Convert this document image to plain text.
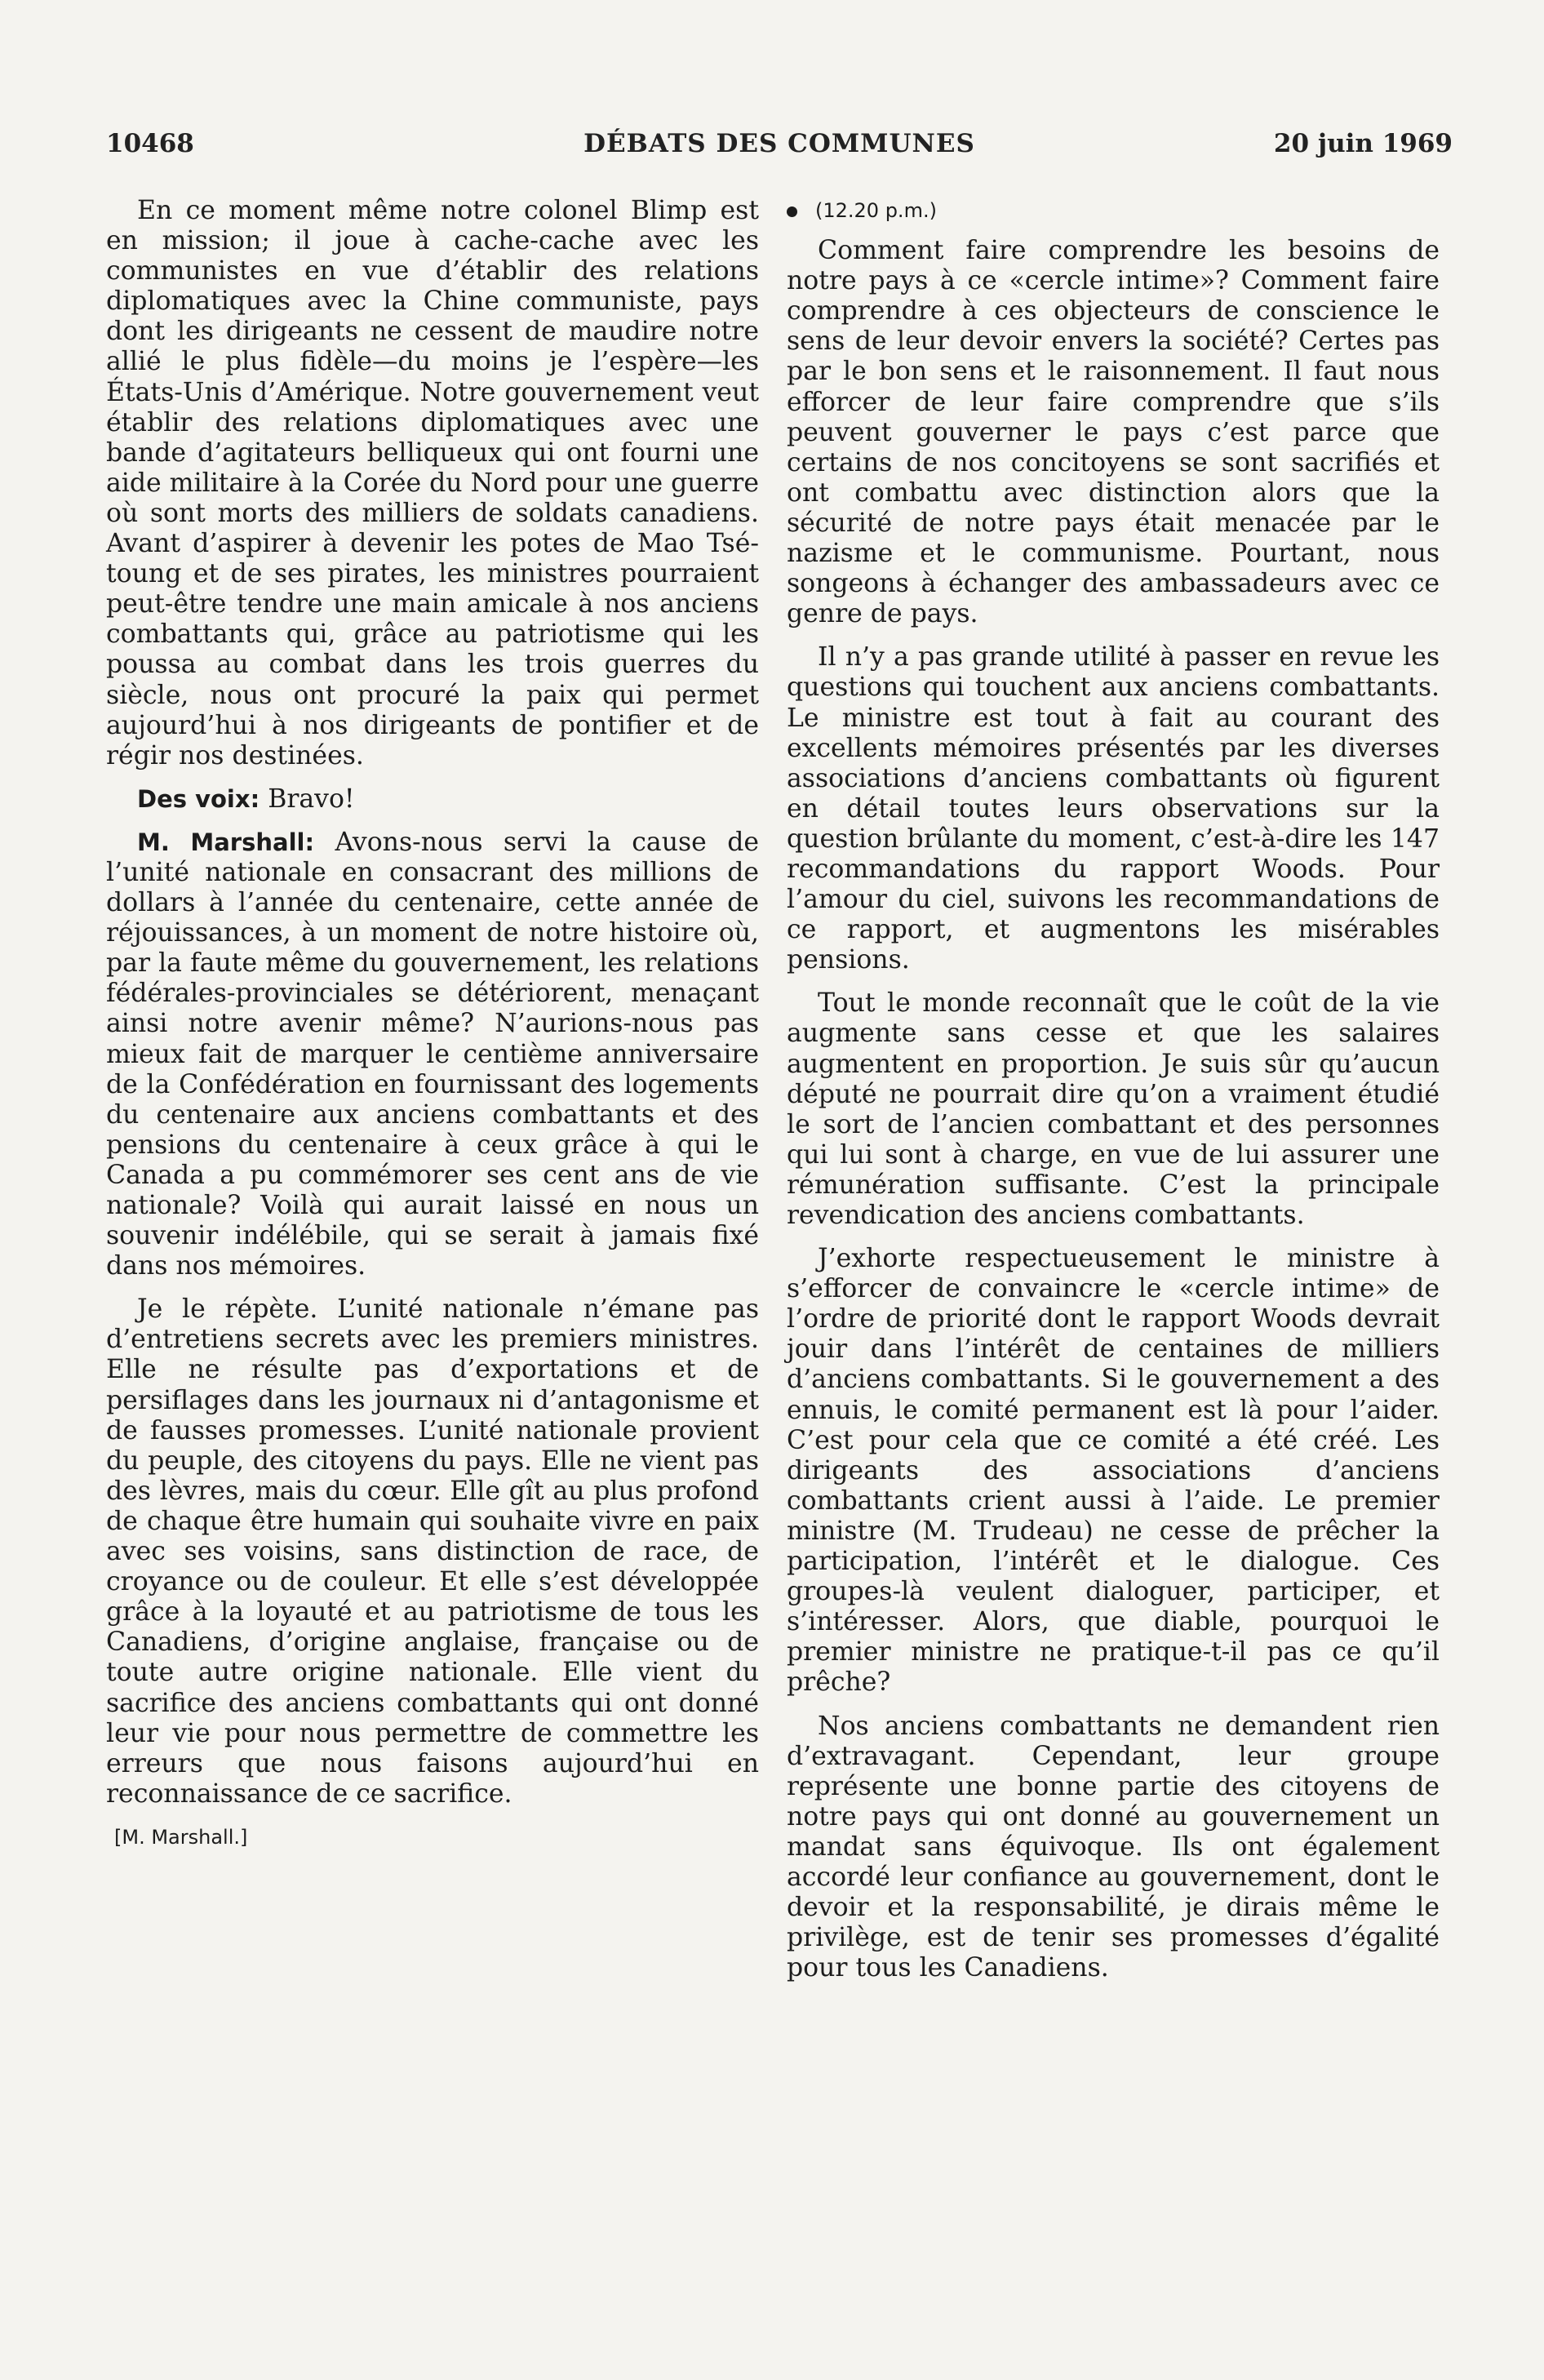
10468	DÉBATS DES COMMUNES	20 juin 1969

En ce moment même notre colonel Blimp est en mission; il joue à cache-cache avec les communistes en vue d’établir des relations diplomatiques avec la Chine communiste, pays dont les dirigeants ne cessent de maudire notre allié le plus fidèle—du moins je l’espère—les États-Unis d’Amérique. Notre gouvernement veut établir des relations diplomatiques avec une bande d’agitateurs belliqueux qui ont fourni une aide militaire à la Corée du Nord pour une guerre où sont morts des milliers de soldats canadiens. Avant d’aspirer à devenir les potes de Mao Tsé-toung et de ses pirates, les ministres pourraient peut-être tendre une main amicale à nos anciens combattants qui, grâce au patriotisme qui les poussa au combat dans les trois guerres du siècle, nous ont procuré la paix qui permet aujourd’hui à nos dirigeants de pontifier et de régir nos destinées.

Des voix: Bravo!

M. Marshall: Avons-nous servi la cause de l’unité nationale en consacrant des millions de dollars à l’année du centenaire, cette année de réjouissances, à un moment de notre histoire où, par la faute même du gouvernement, les relations fédérales-provinciales se détériorent, menaçant ainsi notre avenir même? N’aurions-nous pas mieux fait de marquer le centième anniversaire de la Confédération en fournissant des logements du centenaire aux anciens combattants et des pensions du centenaire à ceux grâce à qui le Canada a pu commémorer ses cent ans de vie nationale? Voilà qui aurait laissé en nous un souvenir indélébile, qui se serait à jamais fixé dans nos mémoires.

Je le répète. L’unité nationale n’émane pas d’entretiens secrets avec les premiers ministres. Elle ne résulte pas d’exportations et de persiflages dans les journaux ni d’antagonisme et de fausses promesses. L’unité nationale provient du peuple, des citoyens du pays. Elle ne vient pas des lèvres, mais du cœur. Elle gît au plus profond de chaque être humain qui souhaite vivre en paix avec ses voisins, sans distinction de race, de croyance ou de couleur. Et elle s’est développée grâce à la loyauté et au patriotisme de tous les Canadiens, d’origine anglaise, française ou de toute autre origine nationale. Elle vient du sacrifice des anciens combattants qui ont donné leur vie pour nous permettre de commettre les erreurs que nous faisons aujourd’hui en reconnaissance de ce sacrifice.

[M. Marshall.]

(12.20 p.m.)

Comment faire comprendre les besoins de notre pays à ce «cercle intime»? Comment faire comprendre à ces objecteurs de conscience le sens de leur devoir envers la société? Certes pas par le bon sens et le raisonnement. Il faut nous efforcer de leur faire comprendre que s’ils peuvent gouverner le pays c’est parce que certains de nos concitoyens se sont sacrifiés et ont combattu avec distinction alors que la sécurité de notre pays était menacée par le nazisme et le communisme. Pourtant, nous songeons à échanger des ambassadeurs avec ce genre de pays.

Il n’y a pas grande utilité à passer en revue les questions qui touchent aux anciens combattants. Le ministre est tout à fait au courant des excellents mémoires présentés par les diverses associations d’anciens combattants où figurent en détail toutes leurs observations sur la question brûlante du moment, c’est-à-dire les 147 recommandations du rapport Woods. Pour l’amour du ciel, suivons les recommandations de ce rapport, et augmentons les misérables pensions.

Tout le monde reconnaît que le coût de la vie augmente sans cesse et que les salaires augmentent en proportion. Je suis sûr qu’aucun député ne pourrait dire qu’on a vraiment étudié le sort de l’ancien combattant et des personnes qui lui sont à charge, en vue de lui assurer une rémunération suffisante. C’est la principale revendication des anciens combattants.

J’exhorte respectueusement le ministre à s’efforcer de convaincre le «cercle intime» de l’ordre de priorité dont le rapport Woods devrait jouir dans l’intérêt de centaines de milliers d’anciens combattants. Si le gouvernement a des ennuis, le comité permanent est là pour l’aider. C’est pour cela que ce comité a été créé. Les dirigeants des associations d’anciens combattants crient aussi à l’aide. Le premier ministre (M. Trudeau) ne cesse de prêcher la participation, l’intérêt et le dialogue. Ces groupes-là veulent dialoguer, participer, et s’intéresser. Alors, que diable, pourquoi le premier ministre ne pratique-t-il pas ce qu’il prêche?

Nos anciens combattants ne demandent rien d’extravagant. Cependant, leur groupe représente une bonne partie des citoyens de notre pays qui ont donné au gouvernement un mandat sans équivoque. Ils ont également accordé leur confiance au gouvernement, dont le devoir et la responsabilité, je dirais même le privilège, est de tenir ses promesses d’égalité pour tous les Canadiens.
